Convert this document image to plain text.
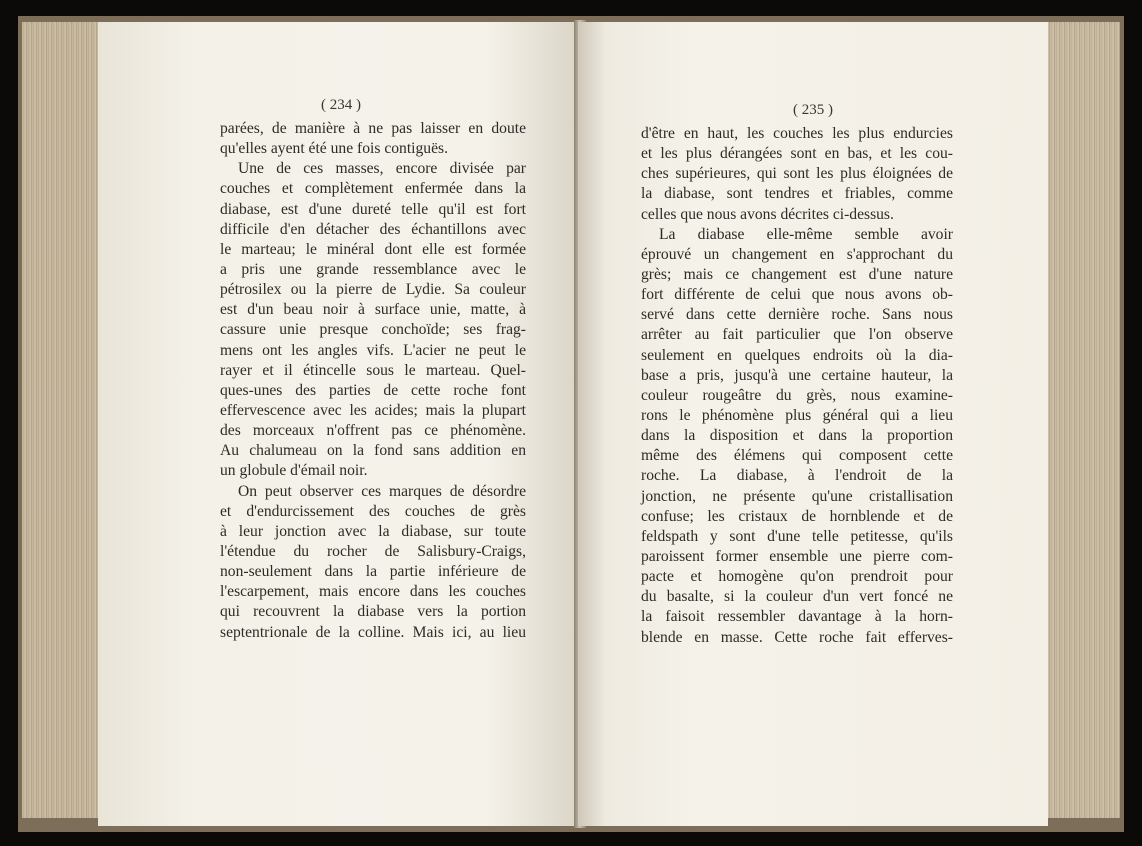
( 234 )
parées, de manière à ne pas laisser en doute
qu'elles ayent été une fois contiguës.
Une de ces masses, encore divisée par
couches et complètement enfermée dans la
diabase, est d'une dureté telle qu'il est fort
difficile d'en détacher des échantillons avec
le marteau; le minéral dont elle est formée
a pris une grande ressemblance avec le
pétrosilex ou la pierre de Lydie. Sa couleur
est d'un beau noir à surface unie, matte, à
cassure unie presque conchoïde; ses frag-
mens ont les angles vifs. L'acier ne peut le
rayer et il étincelle sous le marteau. Quel-
ques-unes des parties de cette roche font
effervescence avec les acides; mais la plupart
des morceaux n'offrent pas ce phénomène.
Au chalumeau on la fond sans addition en
un globule d'émail noir.
On peut observer ces marques de désordre
et d'endurcissement des couches de grès
à leur jonction avec la diabase, sur toute
l'étendue du rocher de Salisbury-Craigs,
non-seulement dans la partie inférieure de
l'escarpement, mais encore dans les couches
qui recouvrent la diabase vers la portion
septentrionale de la colline. Mais ici, au lieu
( 235 )
d'être en haut, les couches les plus endurcies
et les plus dérangées sont en bas, et les cou-
ches supérieures, qui sont les plus éloignées de
la diabase, sont tendres et friables, comme
celles que nous avons décrites ci-dessus.
La diabase elle-même semble avoir
éprouvé un changement en s'approchant du
grès; mais ce changement est d'une nature
fort différente de celui que nous avons ob-
servé dans cette dernière roche. Sans nous
arrêter au fait particulier que l'on observe
seulement en quelques endroits où la dia-
base a pris, jusqu'à une certaine hauteur, la
couleur rougeâtre du grès, nous examine-
rons le phénomène plus général qui a lieu
dans la disposition et dans la proportion
même des élémens qui composent cette
roche. La diabase, à l'endroit de la
jonction, ne présente qu'une cristallisation
confuse; les cristaux de hornblende et de
feldspath y sont d'une telle petitesse, qu'ils
paroissent former ensemble une pierre com-
pacte et homogène qu'on prendroit pour
du basalte, si la couleur d'un vert foncé ne
la faisoit ressembler davantage à la horn-
blende en masse. Cette roche fait efferves-
